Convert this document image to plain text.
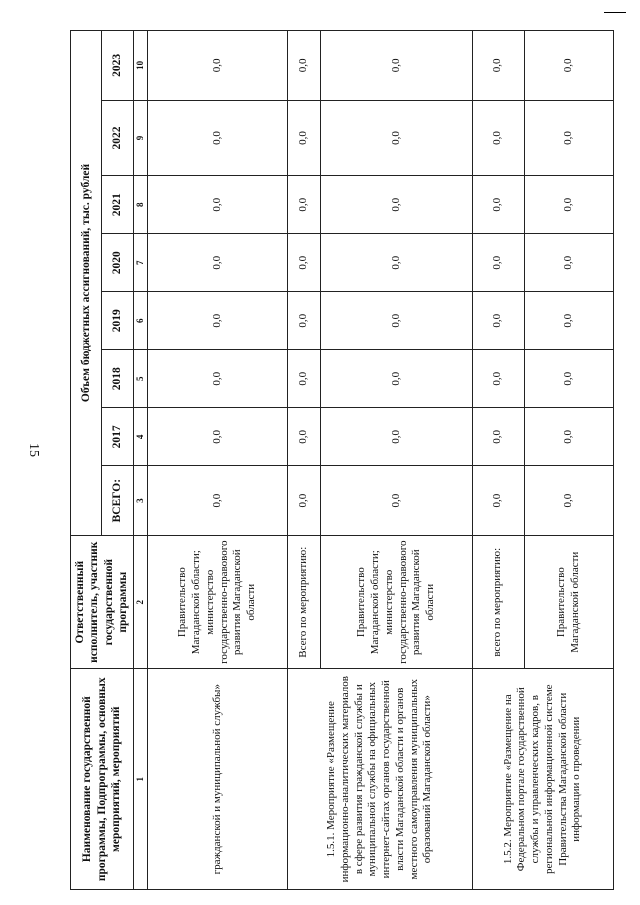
15
Наименование государственной программы, Подпрограммы, основных мероприятий, мероприятий	Ответственный исполнитель, участник государственной программы	Объем бюджетных ассигнований, тыс. рублей							
		ВСЕГО:	2017	2018	2019	2020	2021	2022	2023
1	2	3	4	5	6	7	8	9	10
гражданской и муниципальной службы»	Правительство Магаданской области; министерство государственно-правового развития Магаданской области	0,0	0,0	0,0	0,0	0,0	0,0	0,0	0,0
1.5.1. Мероприятие «Размещение информационно-аналитических материалов в сфере развития гражданской службы и муниципальной службы на официальных интернет-сайтах органов государственной власти Магаданской области и органов местного самоуправления муниципальных образований Магаданской области»	Всего по мероприятию:	0,0	0,0	0,0	0,0	0,0	0,0	0,0	0,0
	Правительство Магаданской области; министерство государственно-правового развития Магаданской области	0,0	0,0	0,0	0,0	0,0	0,0	0,0	0,0
1.5.2. Мероприятие «Размещение на Федеральном портале государственной службы и управленческих кадров, в региональной информационной системе Правительства Магаданской области информации о проведении	всего по мероприятию:	0,0	0,0	0,0	0,0	0,0	0,0	0,0	0,0
	Правительство Магаданской области	0,0	0,0	0,0	0,0	0,0	0,0	0,0	0,0
